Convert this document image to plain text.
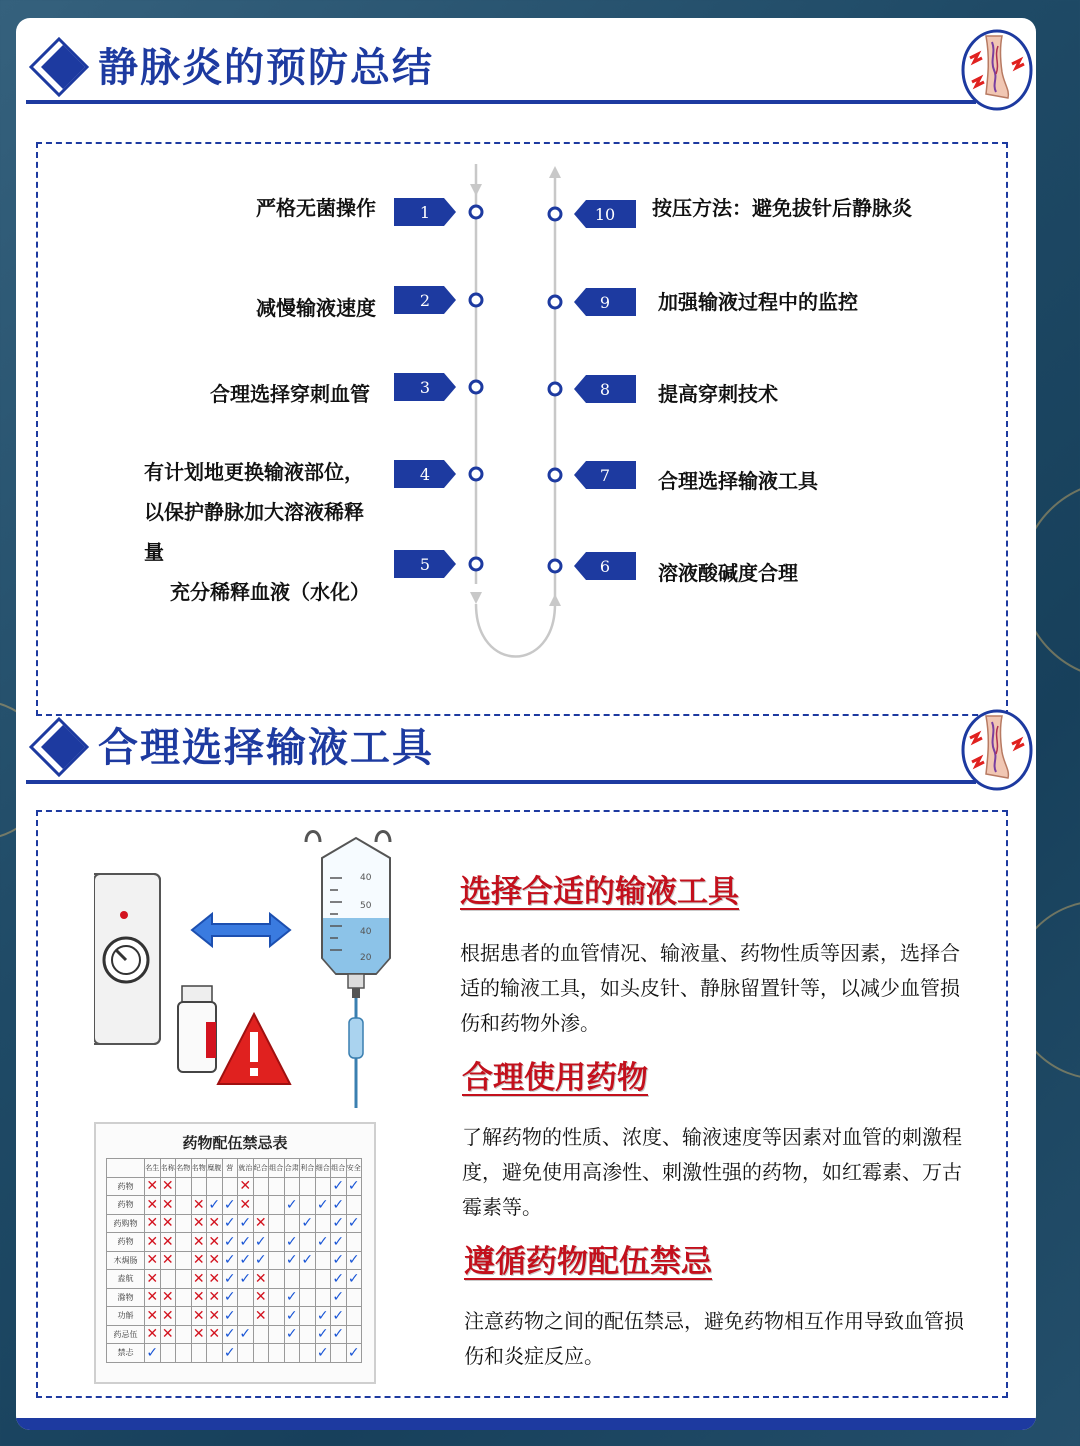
静脉炎的预防总结
1
2
3
4
5
10
9
8
7
6
严格无菌操作
减慢输液速度
合理选择穿刺血管
有计划地更换输液部位，
以保护静脉加大溶液稀释
量
充分稀释血液（水化）
按压方法：避免拔针后静脉炎
加强输液过程中的监控
提高穿刺技术
合理选择输液工具
溶液酸碱度合理
合理选择输液工具
40
50
40
20
药物配伍禁忌表
	名生	名称	名物	名物	糜腹	营	就治	纪合	组合	合肃	利合	细合	组合	安全
药物	✕	✕					✕						✓	✓
药物	✕	✕		✕	✓	✓	✕			✓		✓	✓	
药购物	✕	✕		✕	✕	✓	✓	✕			✓		✓	✓
药物	✕	✕		✕	✕	✓	✓	✓		✓		✓	✓	
木焗肠	✕	✕		✕	✕	✓	✓	✓		✓	✓		✓	✓
盍航	✕			✕	✕	✓	✓	✕					✓	✓
滁物	✕	✕		✕	✕	✓		✕		✓			✓	
功斛	✕	✕		✕	✕	✓		✕		✓		✓	✓	
药忌伍	✕	✕		✕	✕	✓	✓			✓		✓	✓	
禁忐	✓					✓						✓		✓
选择合适的输液工具
根据患者的血管情况、输液量、药物性质等因素，选择合适的输液工具，如头皮针、静脉留置针等，以减少血管损伤和药物外渗。
合理使用药物
了解药物的性质、浓度、输液速度等因素对血管的刺激程度，避免使用高渗性、刺激性强的药物，如红霉素、万古霉素等。
遵循药物配伍禁忌
注意药物之间的配伍禁忌，避免药物相互作用导致血管损伤和炎症反应。
